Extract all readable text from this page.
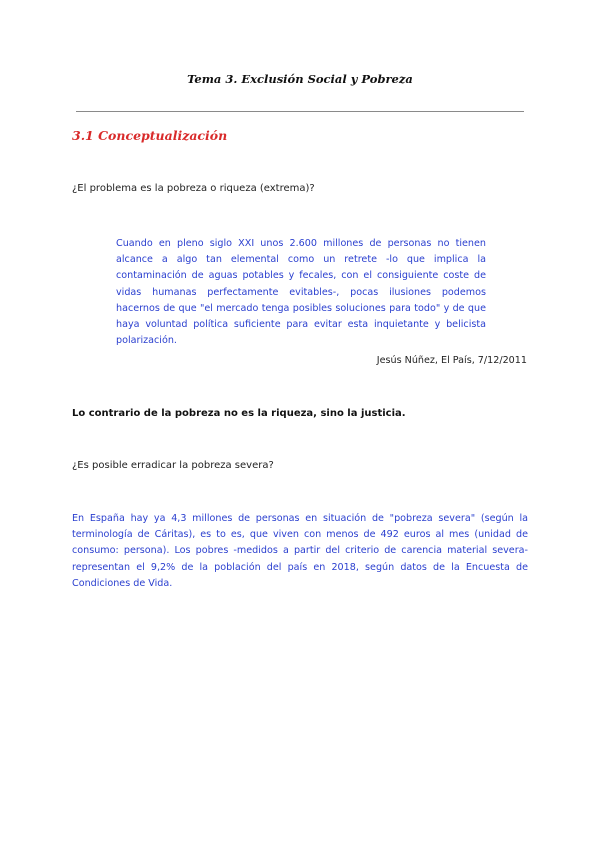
Tema 3. Exclusión Social y Pobreza
3.1 Conceptualización
¿El problema es la pobreza o riqueza (extrema)?
Cuando en pleno siglo XXI unos 2.600 millones de personas no tienen alcance a algo tan elemental como un retrete -lo que implica la contaminación de aguas potables y fecales, con el consiguiente coste de vidas humanas perfectamente evitables-, pocas ilusiones podemos hacernos de que "el mercado tenga posibles soluciones para todo" y de que haya voluntad política suficiente para evitar esta inquietante y belicista polarización.
Jesús Núñez, El País, 7/12/2011
Lo contrario de la pobreza no es la riqueza, sino la justicia.
¿Es posible erradicar la pobreza severa?
En España hay ya 4,3 millones de personas en situación de "pobreza severa" (según la terminología de Cáritas), es to es, que viven con menos de 492 euros al mes (unidad de consumo: persona). Los pobres -medidos a partir del criterio de carencia material severa- representan el 9,2% de la población del país en 2018, según datos de la Encuesta de Condiciones de Vida.
